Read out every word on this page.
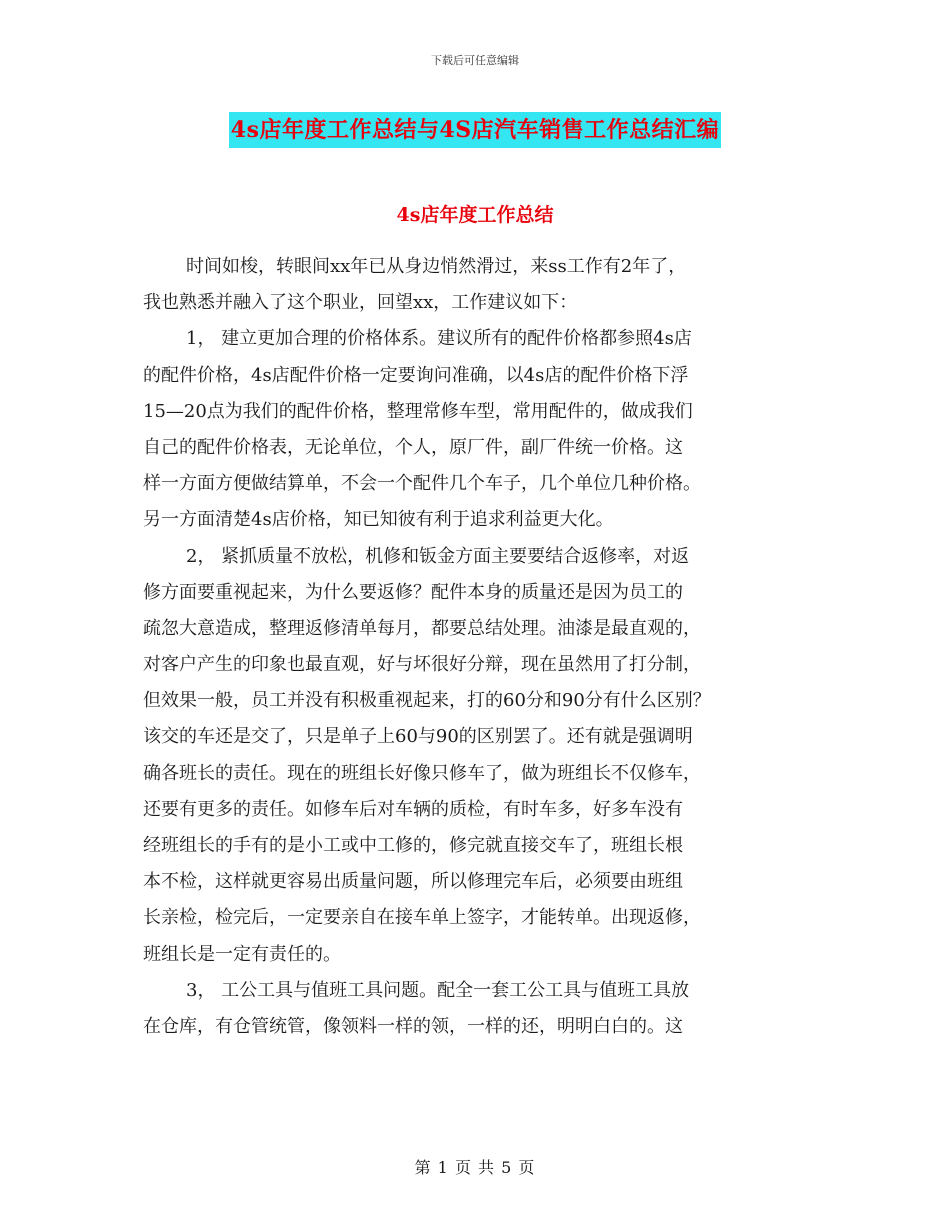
下载后可任意编辑
4s店年度工作总结与4S店汽车销售工作总结汇编
4s店年度工作总结
时间如梭，转眼间xx年已从身边悄然滑过，来ss工作有2年了，
我也熟悉并融入了这个职业，回望xx，工作建议如下：
1， 建立更加合理的价格体系。建议所有的配件价格都参照4s店
的配件价格，4s店配件价格一定要询问准确，以4s店的配件价格下浮
15—20点为我们的配件价格，整理常修车型，常用配件的，做成我们
自己的配件价格表，无论单位，个人，原厂件，副厂件统一价格。这
样一方面方便做结算单，不会一个配件几个车子，几个单位几种价格。
另一方面清楚4s店价格，知已知彼有利于追求利益更大化。
2， 紧抓质量不放松，机修和钣金方面主要要结合返修率，对返
修方面要重视起来，为什么要返修？配件本身的质量还是因为员工的
疏忽大意造成，整理返修清单每月，都要总结处理。油漆是最直观的，
对客户产生的印象也最直观，好与坏很好分辩，现在虽然用了打分制，
但效果一般，员工并没有积极重视起来，打的60分和90分有什么区别？
该交的车还是交了，只是单子上60与90的区别罢了。还有就是强调明
确各班长的责任。现在的班组长好像只修车了，做为班组长不仅修车，
还要有更多的责任。如修车后对车辆的质检，有时车多，好多车没有
经班组长的手有的是小工或中工修的，修完就直接交车了，班组长根
本不检，这样就更容易出质量问题，所以修理完车后，必须要由班组
长亲检，检完后，一定要亲自在接车单上签字，才能转单。出现返修，
班组长是一定有责任的。
3， 工公工具与值班工具问题。配全一套工公工具与值班工具放
在仓库，有仓管统管，像领料一样的领，一样的还，明明白白的。这
第 1 页 共 5 页
